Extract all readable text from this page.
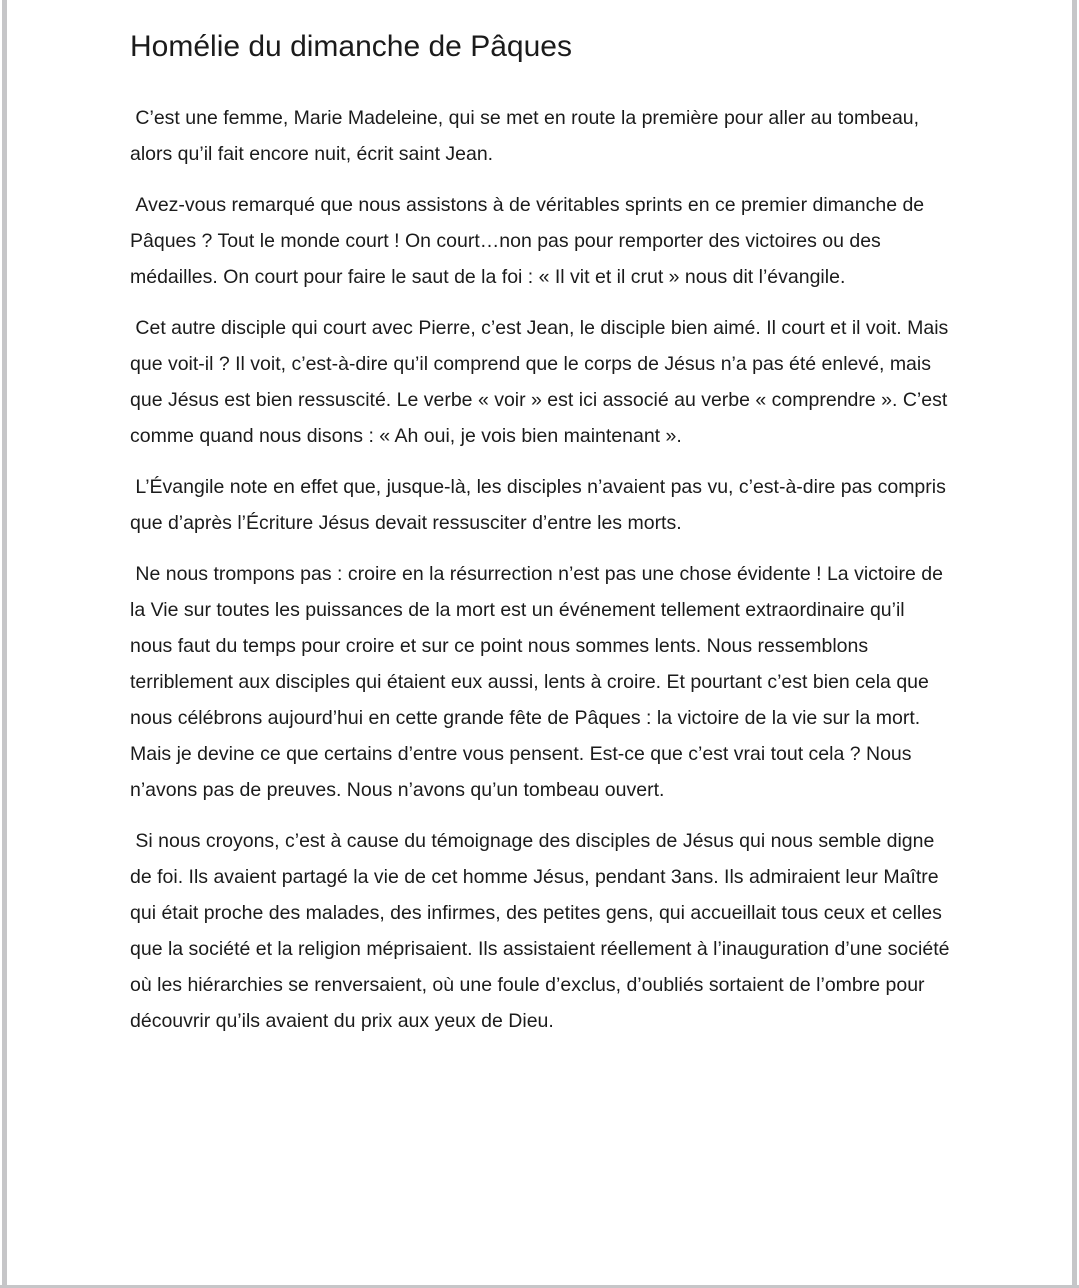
Homélie du dimanche de Pâques

C’est une femme, Marie Madeleine, qui se met en route la première pour aller au tombeau, alors qu’il fait encore nuit, écrit saint Jean.

Avez-vous remarqué que nous assistons à de véritables sprints en ce premier dimanche de Pâques ? Tout le monde court ! On court…non pas pour remporter des victoires ou des médailles. On court pour faire le saut de la foi : « Il vit et il crut » nous dit l’évangile.

Cet autre disciple qui court avec Pierre, c’est Jean, le disciple bien aimé. Il court et il voit. Mais que voit-il ? Il voit, c’est-à-dire qu’il comprend que le corps de Jésus n’a pas été enlevé, mais que Jésus est bien ressuscité. Le verbe « voir » est ici associé au verbe « comprendre ». C’est comme quand nous disons : « Ah oui, je vois bien maintenant ».

L’Évangile note en effet que, jusque-là, les disciples n’avaient pas vu, c’est-à-dire pas compris que d’après l’Écriture Jésus devait ressusciter d’entre les morts.

Ne nous trompons pas : croire en la résurrection n’est pas une chose évidente ! La victoire de la Vie sur toutes les puissances de la mort est un événement tellement extraordinaire qu’il nous faut du temps pour croire et sur ce point nous sommes lents. Nous ressemblons terriblement aux disciples qui étaient eux aussi, lents à croire. Et pourtant c’est bien cela que nous célébrons aujourd’hui en cette grande fête de Pâques : la victoire de la vie sur la mort. Mais je devine ce que certains d’entre vous pensent. Est-ce que c’est vrai tout cela ? Nous n’avons pas de preuves. Nous n’avons qu’un tombeau ouvert.

Si nous croyons, c’est à cause du témoignage des disciples de Jésus qui nous semble digne de foi. Ils avaient partagé la vie de cet homme Jésus, pendant 3ans. Ils admiraient leur Maître qui était proche des malades, des infirmes, des petites gens, qui accueillait tous ceux et celles que la société et la religion méprisaient. Ils assistaient réellement à l’inauguration d’une société où les hiérarchies se renversaient, où une foule d’exclus, d’oubliés sortaient de l’ombre pour découvrir qu’ils avaient du prix aux yeux de Dieu.
